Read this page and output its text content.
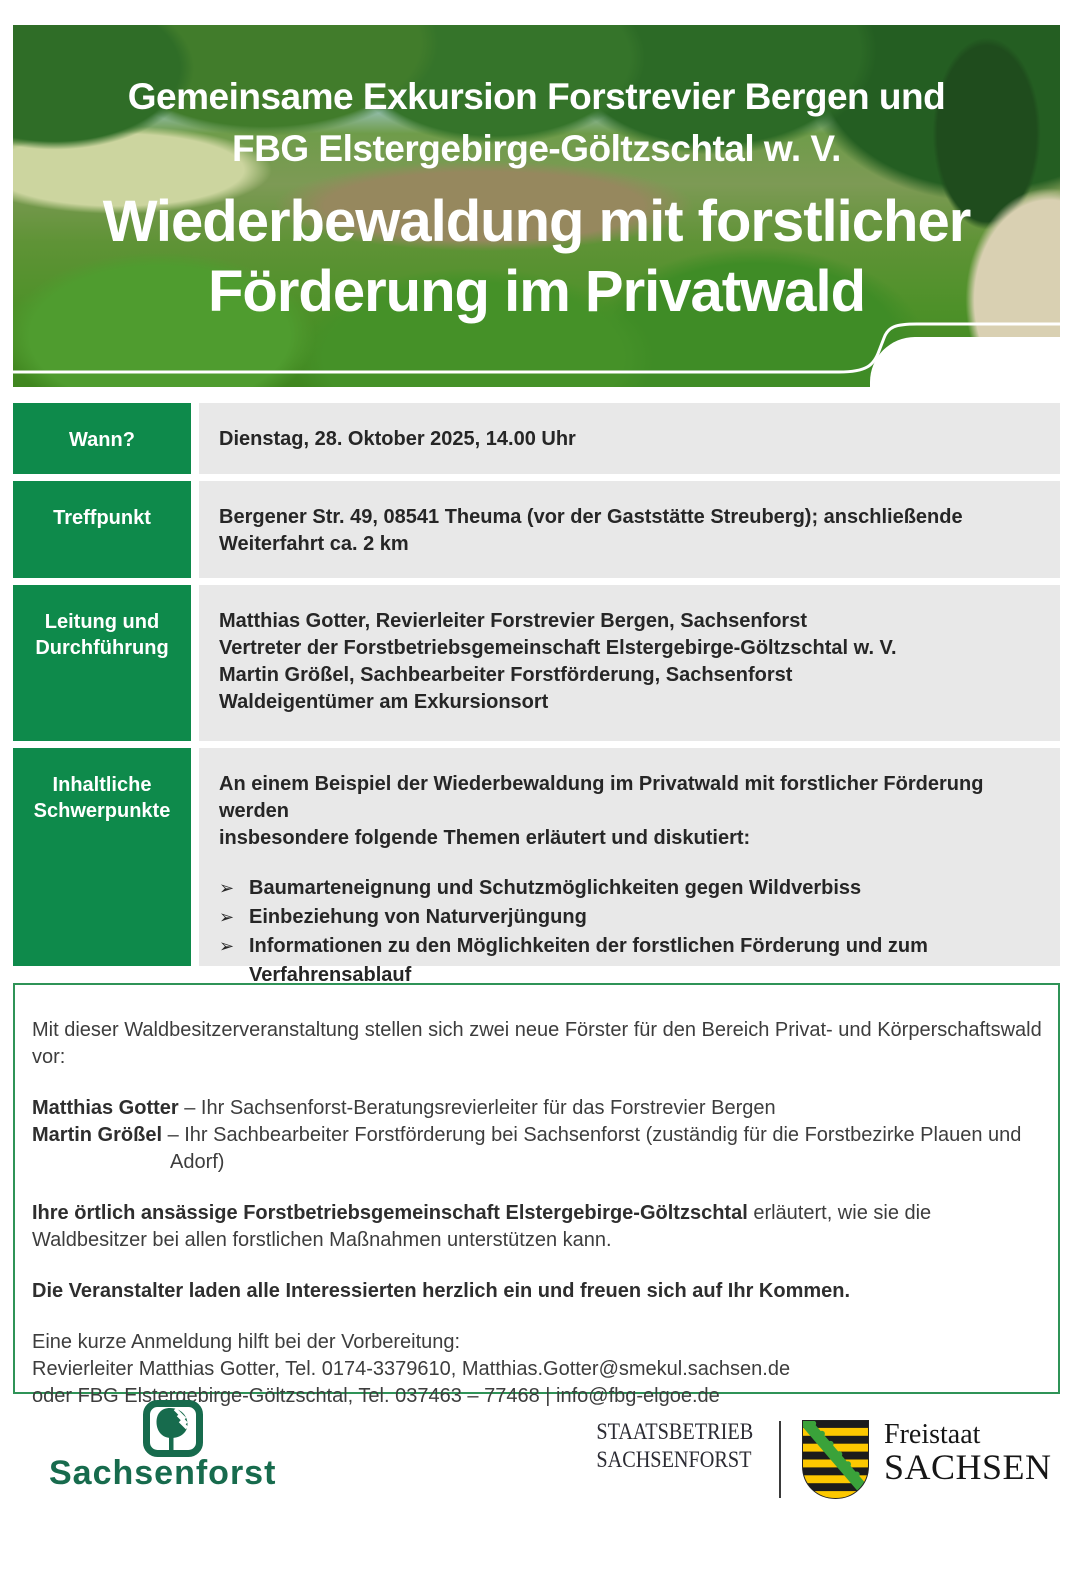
Gemeinsame Exkursion Forstrevier Bergen und
FBG Elstergebirge-Göltzschtal w. V.
Wiederbewaldung mit forstlicher
Förderung im Privatwald
Wann?	Dienstag, 28. Oktober 2025, 14.00 Uhr
Treffpunkt	Bergener Str. 49, 08541 Theuma (vor der Gaststätte Streuberg); anschließende
Weiterfahrt ca. 2 km
Leitung und
Durchführung
Matthias Gotter, Revierleiter Forstrevier Bergen, Sachsenforst
Vertreter der Forstbetriebsgemeinschaft Elstergebirge-Göltzschtal w. V.
Martin Größel, Sachbearbeiter Forstförderung, Sachsenforst
Waldeigentümer am Exkursionsort
Inhaltliche
Schwerpunkte
An einem Beispiel der Wiederbewaldung im Privatwald mit forstlicher Förderung werden
insbesondere folgende Themen erläutert und diskutiert:
➢ Baumarteneignung und Schutzmöglichkeiten gegen Wildverbiss
➢ Einbeziehung von Naturverjüngung
➢ Informationen zu den Möglichkeiten der forstlichen Förderung und zum
Verfahrensablauf

Mit dieser Waldbesitzerveranstaltung stellen sich zwei neue Förster für den Bereich Privat- und Körperschaftswald
vor:

Matthias Gotter – Ihr Sachsenforst-Beratungsrevierleiter für das Forstrevier Bergen
Martin Größel – Ihr Sachbearbeiter Forstförderung bei Sachsenforst (zuständig für die Forstbezirke Plauen und
Adorf)

Ihre örtlich ansässige Forstbetriebsgemeinschaft Elstergebirge-Göltzschtal erläutert, wie sie die
Waldbesitzer bei allen forstlichen Maßnahmen unterstützen kann.

Die Veranstalter laden alle Interessierten herzlich ein und freuen sich auf Ihr Kommen.

Eine kurze Anmeldung hilft bei der Vorbereitung:
Revierleiter Matthias Gotter, Tel. 0174-3379610, Matthias.Gotter@smekul.sachsen.de
oder FBG Elstergebirge-Göltzschtal, Tel. 037463 – 77468 | info@fbg-elgoe.de

Sachsenforst
STAATSBETRIEB
SACHSENFORST
Freistaat
SACHSEN
